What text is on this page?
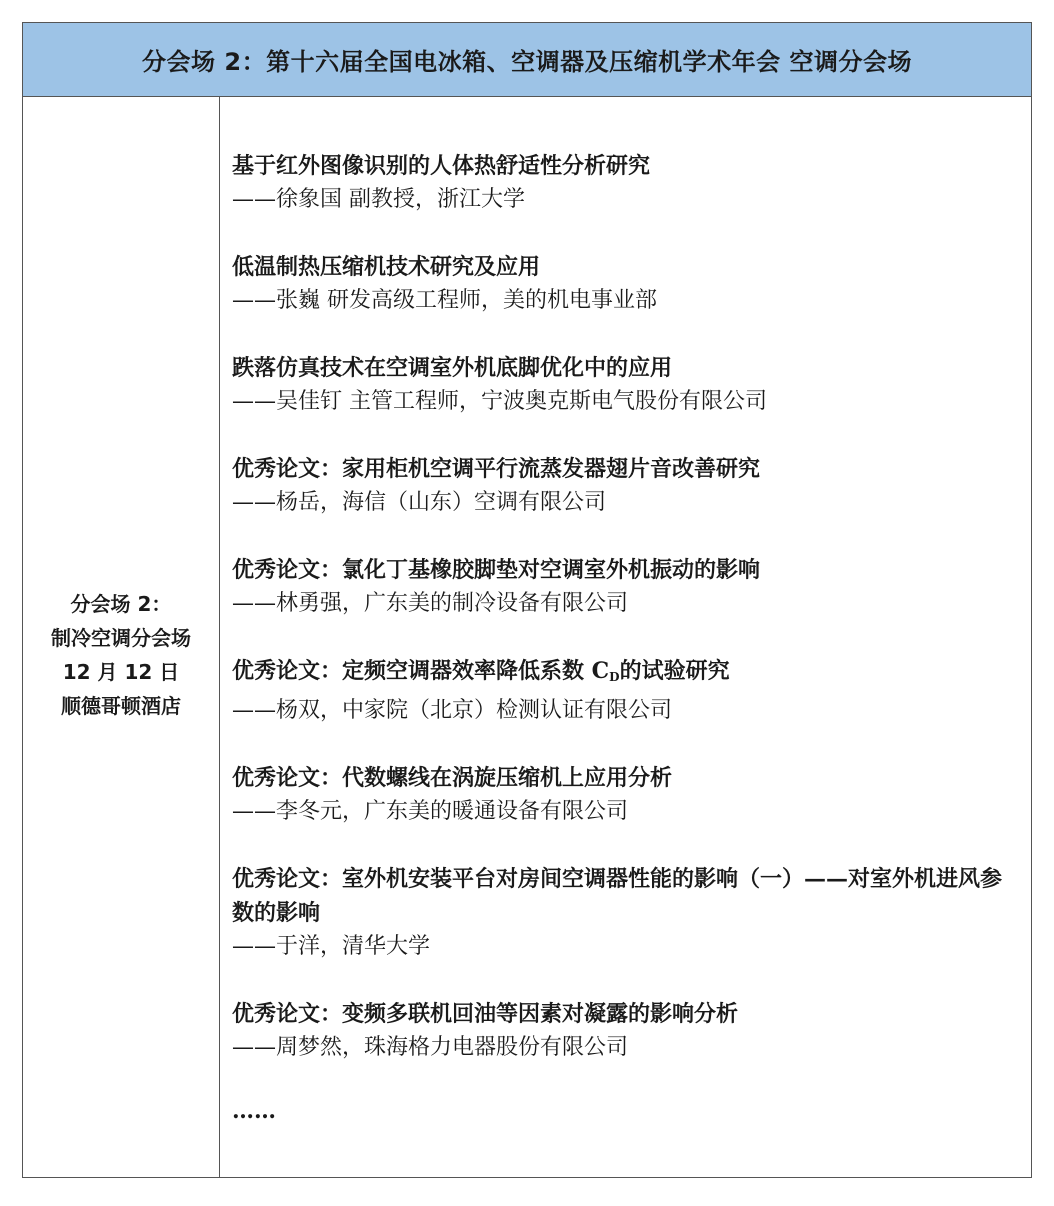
分会场 2：第十六届全国电冰箱、空调器及压缩机学术年会 空调分会场
分会场 2：
制冷空调分会场
12 月 12 日
顺德哥顿酒店
基于红外图像识别的人体热舒适性分析研究
——徐象国 副教授，浙江大学
低温制热压缩机技术研究及应用
——张巍 研发高级工程师，美的机电事业部
跌落仿真技术在空调室外机底脚优化中的应用
——吴佳钉 主管工程师，宁波奥克斯电气股份有限公司
优秀论文：家用柜机空调平行流蒸发器翅片音改善研究
——杨岳，海信（山东）空调有限公司
优秀论文：氯化丁基橡胶脚垫对空调室外机振动的影响
——林勇强，广东美的制冷设备有限公司
优秀论文：定频空调器效率降低系数 $C_D$的试验研究
——杨双，中家院（北京）检测认证有限公司
优秀论文：代数螺线在涡旋压缩机上应用分析
——李冬元，广东美的暖通设备有限公司
优秀论文：室外机安装平台对房间空调器性能的影响（一）——对室外机进风参数的影响
——于洋，清华大学
优秀论文：变频多联机回油等因素对凝露的影响分析
——周梦然，珠海格力电器股份有限公司
……
